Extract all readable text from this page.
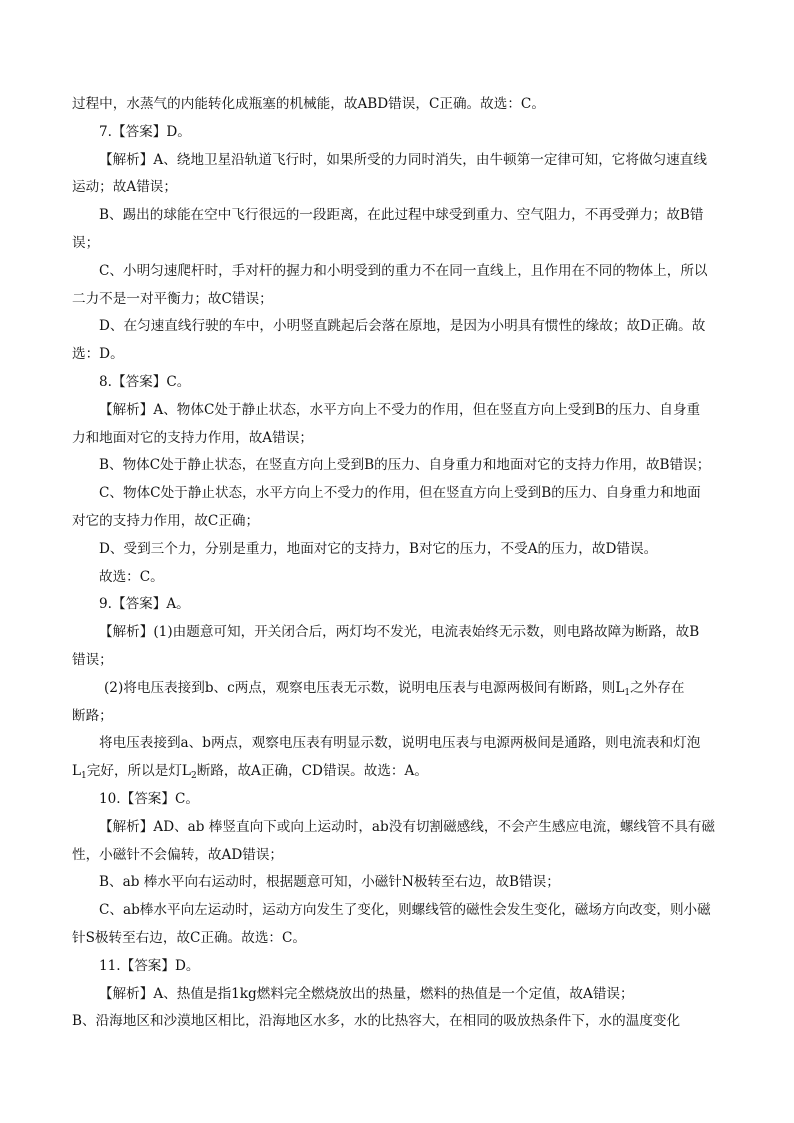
过程中，水蒸气的内能转化成瓶塞的机械能，故ABD错误，C正确。故选：C。
7.【答案】D。
【解析】A、绕地卫星沿轨道飞行时，如果所受的力同时消失，由牛顿第一定律可知，它将做匀速直线
运动；故A错误；
B、踢出的球能在空中飞行很远的一段距离，在此过程中球受到重力、空气阻力，不再受弹力；故B错
误；
C、小明匀速爬杆时，手对杆的握力和小明受到的重力不在同一直线上，且作用在不同的物体上，所以
二力不是一对平衡力；故C错误；
D、在匀速直线行驶的车中，小明竖直跳起后会落在原地，是因为小明具有惯性的缘故；故D正确。故
选：D。
8.【答案】C。
【解析】A、物体C处于静止状态，水平方向上不受力的作用，但在竖直方向上受到B的压力、自身重
力和地面对它的支持力作用，故A错误；
B、物体C处于静止状态，在竖直方向上受到B的压力、自身重力和地面对它的支持力作用，故B错误；
C、物体C处于静止状态，水平方向上不受力的作用，但在竖直方向上受到B的压力、自身重力和地面
对它的支持力作用，故C正确；
D、受到三个力，分别是重力，地面对它的支持力，B对它的压力，不受A的压力，故D错误。
故选：C。
9.【答案】A。
【解析】(1)由题意可知，开关闭合后，两灯均不发光，电流表始终无示数，则电路故障为断路，故B
错误；
(2)将电压表接到b、c两点，观察电压表无示数，说明电压表与电源两极间有断路，则$L_1$之外存在
断路；
将电压表接到a、b两点，观察电压表有明显示数，说明电压表与电源两极间是通路，则电流表和灯泡
$L_1$完好，所以是灯$L_2$断路，故A正确，CD错误。故选：A。
10.【答案】C。
【解析】AD、ab 棒竖直向下或向上运动时，ab没有切割磁感线，不会产生感应电流，螺线管不具有磁
性，小磁针不会偏转，故AD错误；
B、ab 棒水平向右运动时，根据题意可知，小磁针N极转至右边，故B错误；
C、ab棒水平向左运动时，运动方向发生了变化，则螺线管的磁性会发生变化，磁场方向改变，则小磁
针S极转至右边，故C正确。故选：C。
11.【答案】D。
【解析】A、热值是指1kg燃料完全燃烧放出的热量，燃料的热值是一个定值，故A错误；
B、沿海地区和沙漠地区相比，沿海地区水多，水的比热容大，在相同的吸放热条件下，水的温度变化
